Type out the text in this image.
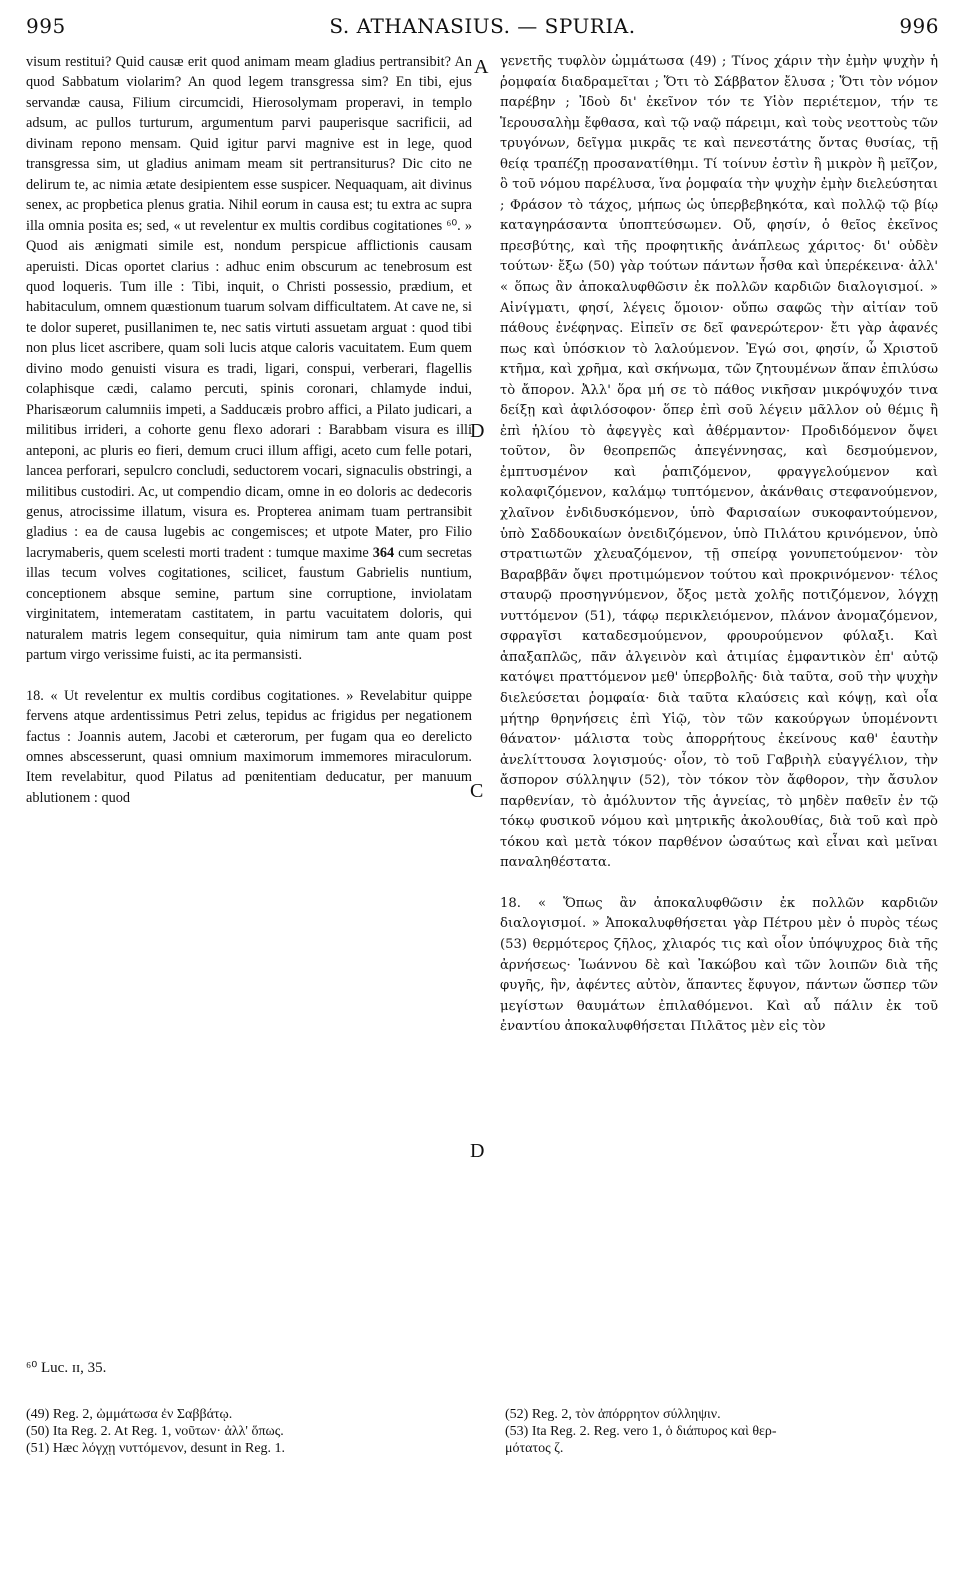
995	S. ATHANASIUS. — SPURIA.	996

visum restitui? Quid causæ erit quod animam meam gladius pertransibit? An quod Sabbatum violarim? An quod legem transgressa sim? En tibi, ejus servandæ causa, Filium circumcidi, Hierosolymam properavi, in templo adsum, ac pullos turturum, argumentum parvi pauperisque sacrificii, ad divinam repono mensam. Quid igitur parvi magnive est in lege, quod transgressa sim, ut gladius animam meam sit pertransiturus? Dic cito ne delirum te, ac nimia ætate desipientem esse suspicer. Nequaquam, ait divinus senex, ac propbetica plenus gratia. Nihil eorum in causa est; tu extra ac supra illa omnia posita es; sed, « ut revelentur ex multis cordibus cogitationes ⁶⁰. » Quod ais ænigmati simile est, nondum perspicue afflictionis causam aperuisti. Dicas oportet clarius : adhuc enim obscurum ac tenebrosum est quod loqueris. Tum ille : Tibi, inquit, o Christi possessio, prædium, et habitaculum, omnem quæstionum tuarum solvam difficultatem. At cave ne, si te dolor superet, pusillanimen te, nec satis virtuti assuetam arguat : quod tibi non plus licet ascribere, quam soli lucis atque caloris vacuitatem. Eum quem divino modo genuisti visura es tradi, ligari, conspui, verberari, flagellis colaphisque cædi, calamo percuti, spinis coronari, chlamyde indui, Pharisæorum calumniis impeti, a Sadducæis probro affici, a Pilato judicari, a militibus irrideri, a cohorte genu flexo adorari : Barabbam visura es illi anteponi, ac pluris eo fieri, demum cruci illum affigi, aceto cum felle potari, lancea perforari, sepulcro concludi, seductorem vocari, signaculis obstringi, a militibus custodiri. Ac, ut compendio dicam, omne in eo doloris ac dedecoris genus, atrocissime illatum, visura es. Propterea animam tuam pertransibit gladius : ea de causa lugebis ac congemisces; et utpote Mater, pro Filio lacrymaberis, quem scelesti morti tradent : tumque maxime 364 cum secretas illas tecum volves cogitationes, scilicet, faustum Gabrielis nuntium, conceptionem absque semine, partum sine corruptione, inviolatam virginitatem, intemeratam castitatem, in partu vacuitatem doloris, qui naturalem matris legem consequitur, quia nimirum tam ante quam post partum virgo verissime fuisti, ac ita permansisti.

18. « Ut revelentur ex multis cordibus cogitationes. » Revelabitur quippe fervens atque ardentissimus Petri zelus, tepidus ac frigidus per negationem factus : Joannis autem, Jacobi et cæterorum, per fugam qua eo derelicto omnes abscesserunt, quasi omnium maximorum immemores miraculorum. Item revelabitur, quod Pilatus ad pœnitentiam deducatur, per manuum ablutionem : quod

γενετῆς τυφλὸν ὠμμάτωσα (49) ; Τίνος χάριν τὴν ἐμὴν ψυχὴν ἡ ῥομφαία διαδραμεῖται ; Ὅτι τὸ Σάββατον ἔλυσα ; Ὅτι τὸν νόμον παρέβην ; Ἰδοὺ δι' ἐκεῖνον τόν τε Υἱὸν περιέτεμον, τήν τε Ἱερουσαλὴμ ἔφθασα, καὶ τῷ ναῷ πάρειμι, καὶ τοὺς νεοττοὺς τῶν τρυγόνων, δεῖγμα μικρᾶς τε καὶ πενεστάτης ὄντας θυσίας, τῇ θείᾳ τραπέζῃ προσανατίθημι. Τί τοίνυν ἐστὶν ἢ μικρὸν ἢ μεῖζον, ὃ τοῦ νόμου παρέλυσα, ἵνα ῥομφαία τὴν ψυχὴν ἐμὴν διελεύσηται ; Φράσον τὸ τάχος, μήπως ὡς ὑπερβεβηκότα, καὶ πολλῷ τῷ βίῳ καταγηράσαντα ὑποπτεύσωμεν. Οὔ, φησίν, ὁ θεῖος ἐκεῖνος πρεσβύτης, καὶ τῆς προφητικῆς ἀνάπλεως χάριτος· δι' οὐδὲν τούτων· ἔξω (50) γὰρ τούτων πάντων ἦσθα καὶ ὑπερέκεινα· ἀλλ' « ὅπως ἂν ἀποκαλυφθῶσιν ἐκ πολλῶν καρδιῶν διαλογισμοί. » Αἰνίγματι, φησί, λέγεις ὅμοιον· οὔπω σαφῶς τὴν αἰτίαν τοῦ πάθους ἐνέφηνας. Εἰπεῖν σε δεῖ φανερώτερον· ἔτι γὰρ ἀφανές πως καὶ ὑπόσκιον τὸ λαλούμενον. Ἐγώ σοι, φησίν, ὦ Χριστοῦ κτῆμα, καὶ χρῆμα, καὶ σκήνωμα, τῶν ζητουμένων ἅπαν ἐπιλύσω τὸ ἄπορον. Ἀλλ' ὅρα μή σε τὸ πάθος νικῆσαν μικρόψυχόν τινα δείξῃ καὶ ἀφιλόσοφον· ὅπερ ἐπὶ σοῦ λέγειν μᾶλλον οὐ θέμις ἢ ἐπὶ ἡλίου τὸ ἀφεγγὲς καὶ ἀθέρμαντον· Προδιδόμενον ὄψει τοῦτον, ὃν θεοπρεπῶς ἀπεγέννησας, καὶ δεσμούμενον, ἐμπτυσμένον καὶ ῥαπιζόμενον, φραγγελούμενον καὶ κολαφιζόμενον, καλάμῳ τυπτόμενον, ἀκάνθαις στεφανούμενον, χλαῖνον ἐνδιδυσκόμενον, ὑπὸ Φαρισαίων συκοφαντούμενον, ὑπὸ Σαδδουκαίων ὀνειδιζόμενον, ὑπὸ Πιλάτου κρινόμενον, ὑπὸ στρατιωτῶν χλευαζόμενον, τῇ σπείρᾳ γονυπετούμενον· τὸν Βαραββᾶν ὄψει προτιμώμενον τούτου καὶ προκρινόμενον· τέλος σταυρῷ προσηγνύμενον, ὄξος μετὰ χολῆς ποτιζόμενον, λόγχῃ νυττόμενον (51), τάφῳ περικλειόμενον, πλάνον ἀνομαζόμενον, σφραγῖσι καταδεσμούμενον, φρουρούμενον φύλαξι. Καὶ ἁπαξαπλῶς, πᾶν ἀλγεινὸν καὶ ἀτιμίας ἐμφαντικὸν ἐπ' αὐτῷ κατόψει πραττόμενον μεθ' ὑπερβολῆς· διὰ ταῦτα, σοῦ τὴν ψυχὴν διελεύσεται ῥομφαία· διὰ ταῦτα κλαύσεις καὶ κόψῃ, καὶ οἷα μήτηρ θρηνήσεις ἐπὶ Υἱῷ, τὸν τῶν κακούργων ὑπομένοντι θάνατον· μάλιστα τοὺς ἀπορρήτους ἐκείνους καθ' ἑαυτὴν ἀνελίττουσα λογισμούς· οἷον, τὸ τοῦ Γαβριὴλ εὐαγγέλιον, τὴν ἄσπορον σύλληψιν (52), τὸν τόκον τὸν ἄφθορον, τὴν ἄσυλον παρθενίαν, τὸ ἀμόλυντον τῆς ἁγνείας, τὸ μηδὲν παθεῖν ἐν τῷ τόκῳ φυσικοῦ νόμου καὶ μητρικῆς ἀκολουθίας, διὰ τοῦ καὶ πρὸ τόκου καὶ μετὰ τόκον παρθένον ὡσαύτως καὶ εἶναι καὶ μεῖναι παναληθέστατα.

18. « Ὅπως ἂν ἀποκαλυφθῶσιν ἐκ πολλῶν καρδιῶν διαλογισμοί. » Ἀποκαλυφθήσεται γὰρ Πέτρου μὲν ὁ πυρὸς τέως (53) θερμότερος ζῆλος, χλιαρός τις καὶ οἷον ὑπόψυχρος διὰ τῆς ἀρνήσεως· Ἰωάννου δὲ καὶ Ἰακώβου καὶ τῶν λοιπῶν διὰ τῆς φυγῆς, ἣν, ἀφέντες αὐτὸν, ἅπαντες ἔφυγον, πάντων ὥσπερ τῶν μεγίστων θαυμάτων ἐπιλαθόμενοι. Καὶ αὖ πάλιν ἐκ τοῦ ἐναντίου ἀποκαλυφθήσεται Πιλᾶτος μὲν εἰς τὸν

A
D
C
D
⁶⁰ Luc. ɪɪ, 35.
(49) Reg. 2, ὠμμάτωσα ἐν Σαββάτῳ.
(50) Ita Reg. 2. At Reg. 1, νοῦτων· ἀλλ' ὅπως.
(51) Hæc λόγχῃ νυττόμενον, desunt in Reg. 1.
(52) Reg. 2, τὸν ἀπόρρητον σύλληψιν.
(53) Ita Reg. 2. Reg. vero 1, ὁ διάπυρος καὶ θερ-
μότατος ζ.
